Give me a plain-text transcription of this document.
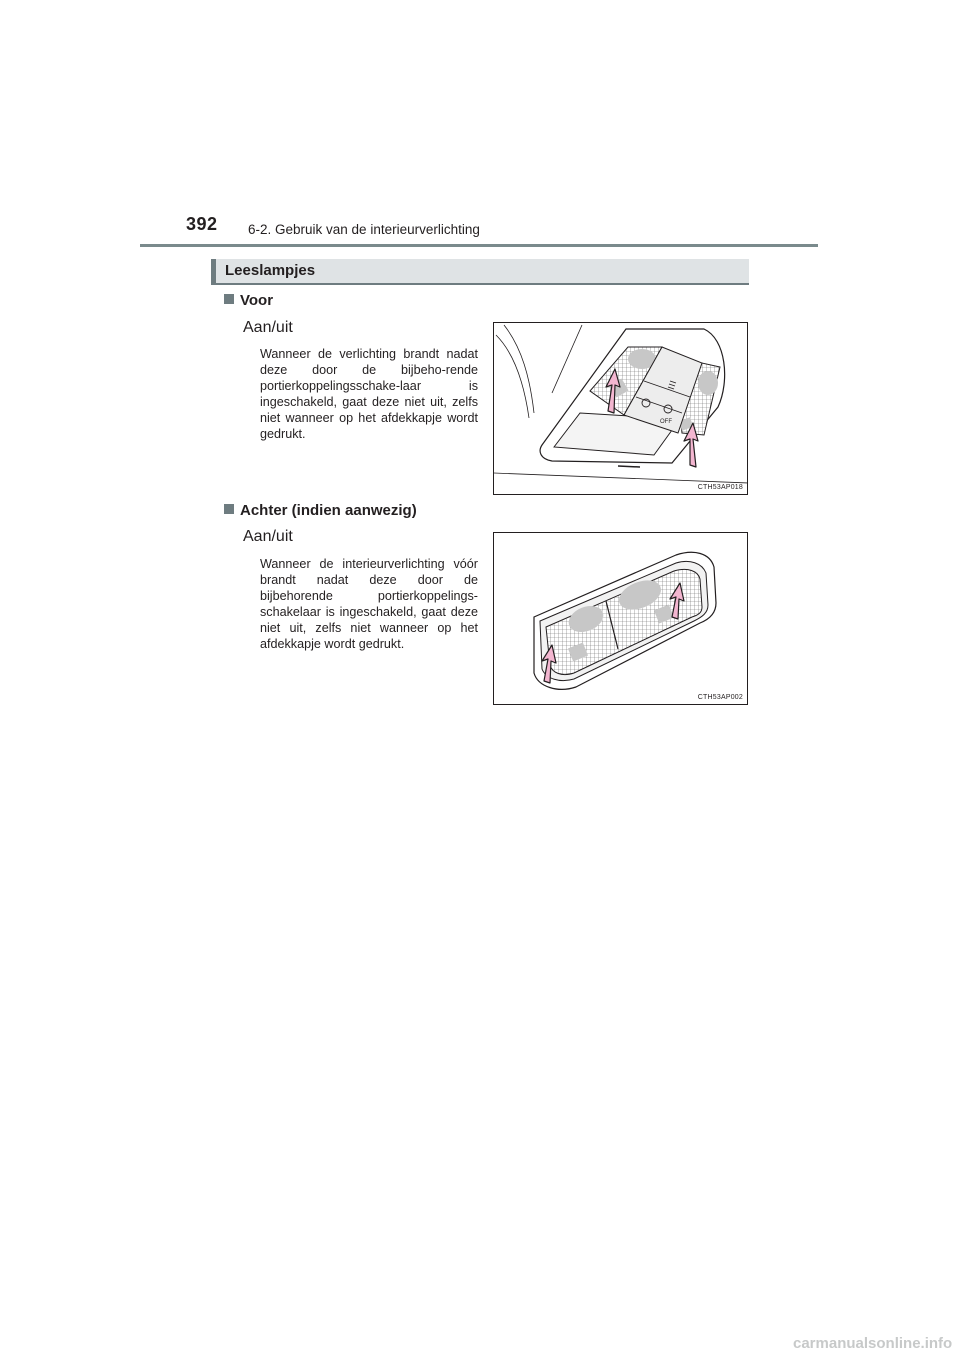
392 6-2. Gebruik van de interieurverlichting
Leeslampjes
Voor
Aan/uit
Wanneer de verlichting brandt nadat deze door de bijbeho-rende portierkoppelingsschake-laar is ingeschakeld, gaat deze niet uit, zelfs niet wanneer op het afdekkapje wordt gedrukt.
OFF
CTH53AP018
Achter (indien aanwezig)
Aan/uit
Wanneer de interieurverlichting vóór brandt nadat deze door de bijbehorende portierkoppelings-schakelaar is ingeschakeld, gaat deze niet uit, zelfs niet wanneer op het afdekkapje wordt gedrukt.
CTH53AP002
carmanualsonline.info
